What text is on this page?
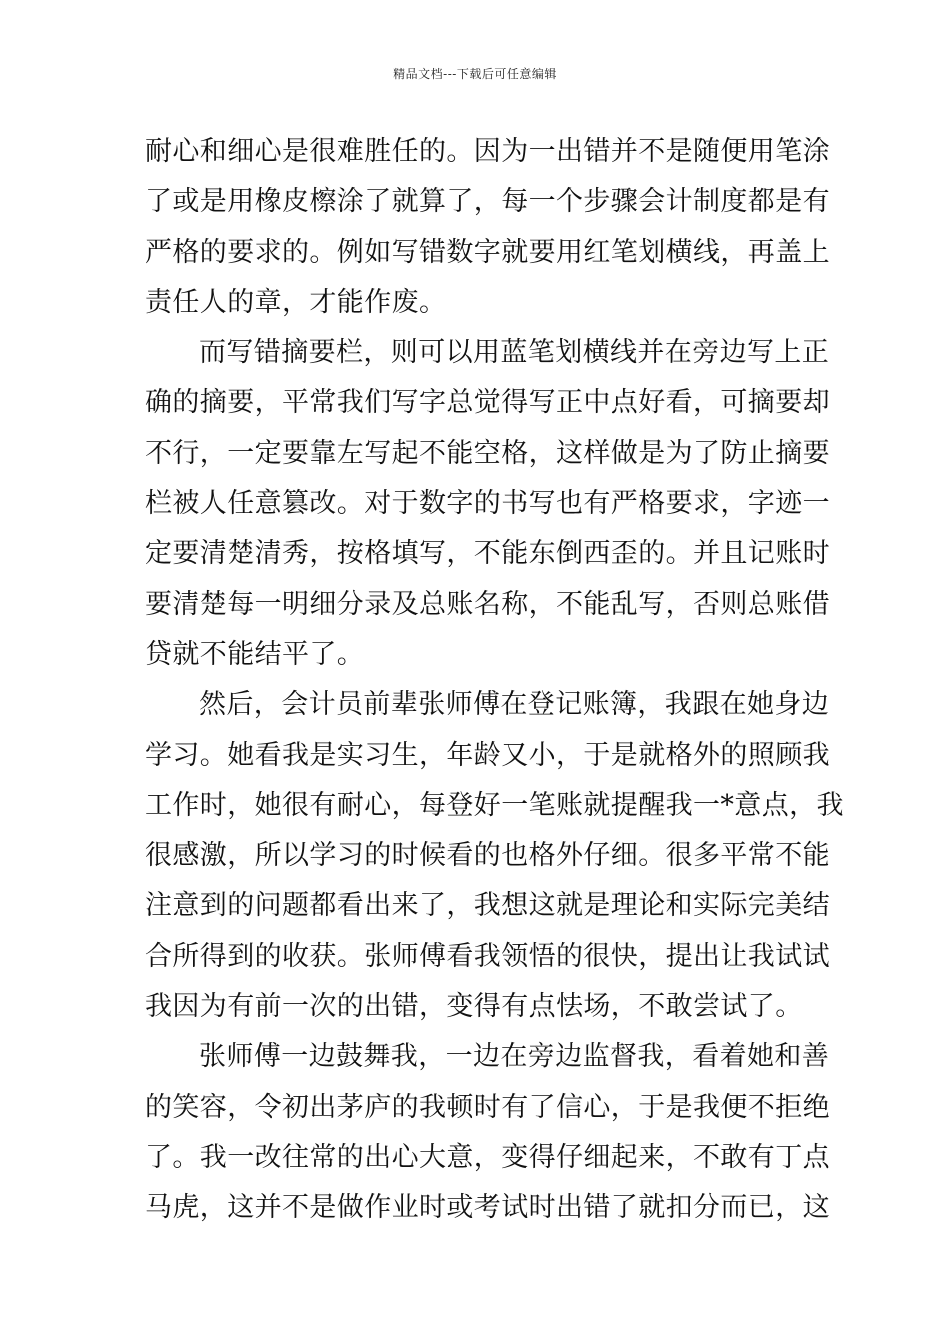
精品文档---下载后可任意编辑
耐心和细心是很难胜任的。因为一出错并不是随便用笔涂
了或是用橡皮檫涂了就算了，每一个步骤会计制度都是有
严格的要求的。例如写错数字就要用红笔划横线，再盖上
责任人的章，才能作废。
而写错摘要栏，则可以用蓝笔划横线并在旁边写上正
确的摘要，平常我们写字总觉得写正中点好看，可摘要却
不行，一定要靠左写起不能空格，这样做是为了防止摘要
栏被人任意篡改。对于数字的书写也有严格要求，字迹一
定要清楚清秀，按格填写，不能东倒西歪的。并且记账时
要清楚每一明细分录及总账名称，不能乱写，否则总账借
贷就不能结平了。
然后，会计员前辈张师傅在登记账簿，我跟在她身边
学习。她看我是实习生，年龄又小，于是就格外的照顾我
工作时，她很有耐心，每登好一笔账就提醒我一*意点，我
很感激，所以学习的时候看的也格外仔细。很多平常不能
注意到的问题都看出来了，我想这就是理论和实际完美结
合所得到的收获。张师傅看我领悟的很快，提出让我试试
我因为有前一次的出错，变得有点怯场，不敢尝试了。
张师傅一边鼓舞我，一边在旁边监督我，看着她和善
的笑容，令初出茅庐的我顿时有了信心，于是我便不拒绝
了。我一改往常的出心大意，变得仔细起来，不敢有丁点
马虎，这并不是做作业时或考试时出错了就扣分而已，这
